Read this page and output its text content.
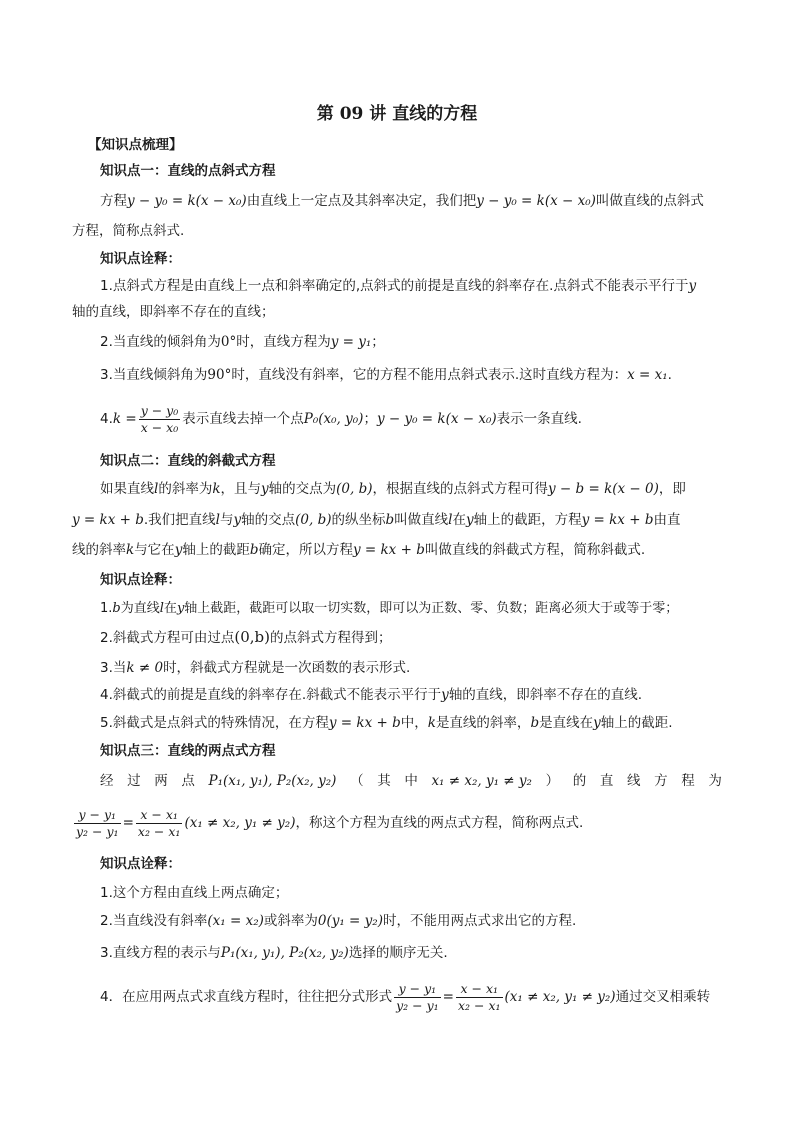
第 09 讲 直线的方程
【知识点梳理】
知识点一：直线的点斜式方程
方程y − y₀ = k(x − x₀)由直线上一定点及其斜率决定，我们把y − y₀ = k(x − x₀)叫做直线的点斜式
方程，简称点斜式.
知识点诠释：
1.点斜式方程是由直线上一点和斜率确定的,点斜式的前提是直线的斜率存在.点斜式不能表示平行于y
轴的直线，即斜率不存在的直线；
2.当直线的倾斜角为0°时，直线方程为y = y₁；
3.当直线倾斜角为90°时，直线没有斜率，它的方程不能用点斜式表示.这时直线方程为：x = x₁.
$4.k = \frac{\text{y − y₀}}{\text{x − x₀}}$ 表示直线去掉一个点P₀(x₀, y₀)；y − y₀ = k(x − x₀)表示一条直线.
知识点二：直线的斜截式方程
如果直线l的斜率为k，且与y轴的交点为(0, b)，根据直线的点斜式方程可得y − b = k(x − 0)，即
y = kx + b.我们把直线l与y轴的交点(0, b)的纵坐标b叫做直线l在y轴上的截距，方程y = kx + b由直
线的斜率k与它在y轴上的截距b确定，所以方程y = kx + b叫做直线的斜截式方程，简称斜截式.
知识点诠释：
1.b为直线l在y轴上截距，截距可以取一切实数，即可以为正数、零、负数；距离必须大于或等于零；
2.斜截式方程可由过点(0,b)的点斜式方程得到；
3.当k ≠ 0时，斜截式方程就是一次函数的表示形式.
4.斜截式的前提是直线的斜率存在.斜截式不能表示平行于y轴的直线，即斜率不存在的直线.
5.斜截式是点斜式的特殊情况，在方程y = kx + b中，k是直线的斜率，b是直线在y轴上的截距.
知识点三：直线的两点式方程
经 过 两 点 P₁(x₁, y₁), P₂(x₂, y₂) （ 其 中 x₁ ≠ x₂, y₁ ≠ y₂ ） 的 直 线 方 程 为
$\frac{\text{y − y₁}}{\text{y₂ − y₁}} = \frac{\text{x − x₁}}{\text{x₂ − x₁}} (x_1 \ne x_2$, y₁ ≠ y₂)，称这个方程为直线的两点式方程，简称两点式.
知识点诠释：
1.这个方程由直线上两点确定；
2.当直线没有斜率(x₁ = x₂)或斜率为0(y₁ = y₂)时，不能用两点式求出它的方程.
3.直线方程的表示与P₁(x₁, y₁), P₂(x₂, y₂)选择的顺序无关.
4．在应用两点式求直线方程时，往往把分式形式 $\frac{\text{y − y₁}}{\text{y₂ − y₁}} = \frac{\text{x − x₁}}{\text{x₂ − x₁}} (x_1 \ne x_2$, y₁ ≠ y₂)通过交叉相乘转
